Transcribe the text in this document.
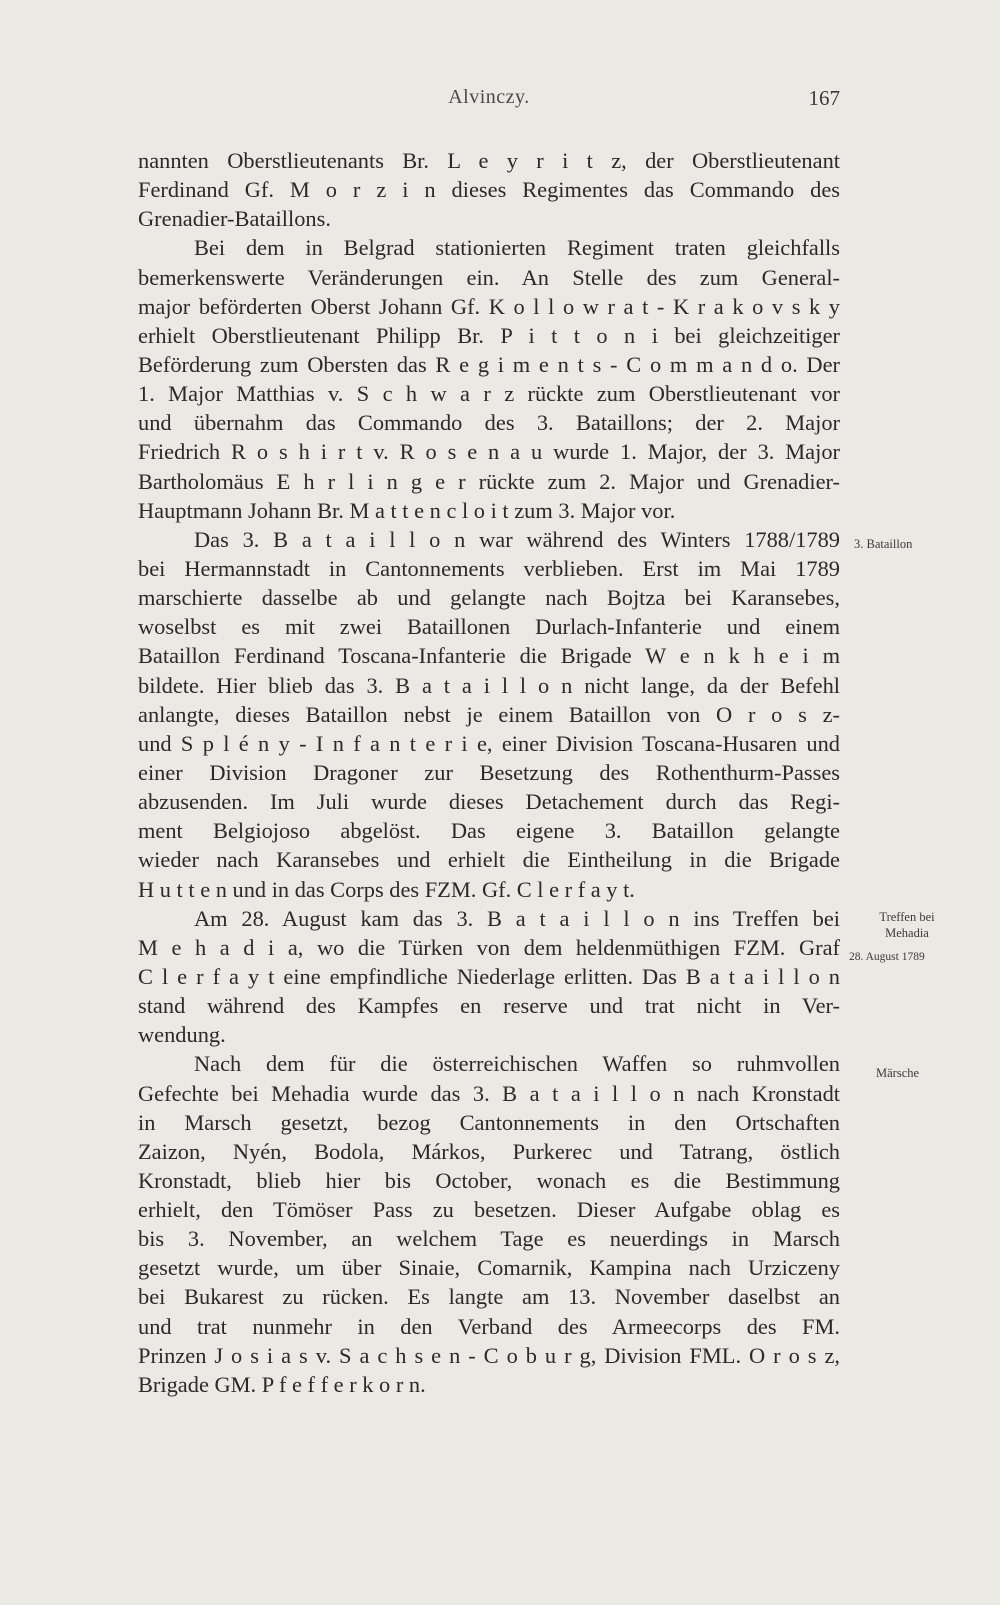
Alvinczy.	167
nannten Oberstlieutenants Br. L e y r i t z, der Oberstlieutenant
Ferdinand Gf. M o r z i n dieses Regimentes das Commando des
Grenadier-Bataillons.
Bei dem in Belgrad stationierten Regiment traten gleichfalls
bemerkenswerte Veränderungen ein. An Stelle des zum General-
major beförderten Oberst Johann Gf. K o l l o w r a t - K r a k o v s k y
erhielt Oberstlieutenant Philipp Br. P i t t o n i bei gleichzeitiger
Beförderung zum Obersten das R e g i m e n t s - C o m m a n d o. Der
1. Major Matthias v. S c h w a r z rückte zum Oberstlieutenant vor
und übernahm das Commando des 3. Bataillons; der 2. Major
Friedrich R o s h i r t v. R o s e n a u wurde 1. Major, der 3. Major
Bartholomäus E h r l i n g e r rückte zum 2. Major und Grenadier-
Hauptmann Johann Br. M a t t e n c l o i t zum 3. Major vor.
Das 3. B a t a i l l o n war während des Winters 1788/1789
bei Hermannstadt in Cantonnements verblieben. Erst im Mai 1789
marschierte dasselbe ab und gelangte nach Bojtza bei Karansebes,
woselbst es mit zwei Bataillonen Durlach-Infanterie und einem
Bataillon Ferdinand Toscana-Infanterie die Brigade W e n k h e i m
bildete. Hier blieb das 3. B a t a i l l o n nicht lange, da der Befehl
anlangte, dieses Bataillon nebst je einem Bataillon von O r o s z-
und S p l é n y - I n f a n t e r i e, einer Division Toscana-Husaren und
einer Division Dragoner zur Besetzung des Rothenthurm-Passes
abzusenden. Im Juli wurde dieses Detachement durch das Regi-
ment Belgiojoso abgelöst. Das eigene 3. Bataillon gelangte
wieder nach Karansebes und erhielt die Eintheilung in die Brigade
H u t t e n und in das Corps des FZM. Gf. C l e r f a y t.
Am 28. August kam das 3. B a t a i l l o n ins Treffen bei
M e h a d i a, wo die Türken von dem heldenmüthigen FZM. Graf
C l e r f a y t eine empfindliche Niederlage erlitten. Das B a t a i l l o n
stand während des Kampfes en reserve und trat nicht in Ver-
wendung.
Nach dem für die österreichischen Waffen so ruhmvollen
Gefechte bei Mehadia wurde das 3. B a t a i l l o n nach Kronstadt
in Marsch gesetzt, bezog Cantonnements in den Ortschaften
Zaizon, Nyén, Bodola, Márkos, Purkerec und Tatrang, östlich
Kronstadt, blieb hier bis October, wonach es die Bestimmung
erhielt, den Tömöser Pass zu besetzen. Dieser Aufgabe oblag es
bis 3. November, an welchem Tage es neuerdings in Marsch
gesetzt wurde, um über Sinaie, Comarnik, Kampina nach Urziczeny
bei Bukarest zu rücken. Es langte am 13. November daselbst an
und trat nunmehr in den Verband des Armeecorps des FM.
Prinzen J o s i a s v. S a c h s e n - C o b u r g, Division FML. O r o s z,
Brigade GM. P f e f f e r k o r n.
3. Bataillon
Treffen bei
Mehadia
28. August 1789
Märsche
